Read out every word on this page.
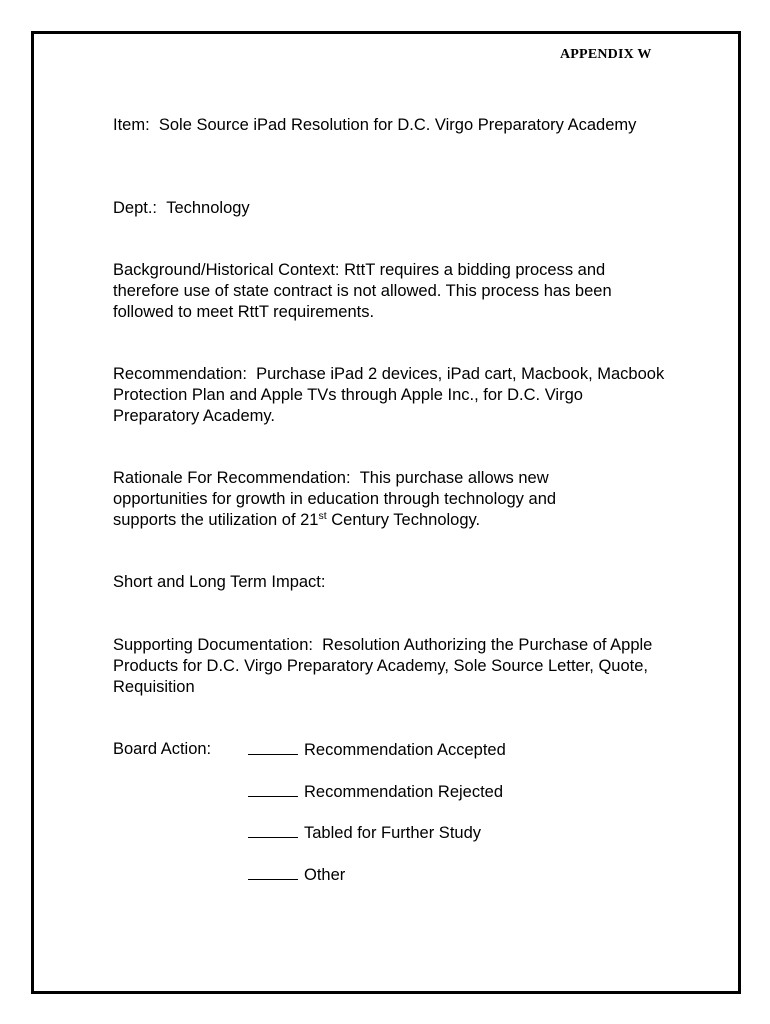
APPENDIX W
Item: Sole Source iPad Resolution for D.C. Virgo Preparatory Academy
Dept.: Technology
Background/Historical Context: RttT requires a bidding process and therefore use of state contract is not allowed. This process has been followed to meet RttT requirements.
Recommendation: Purchase iPad 2 devices, iPad cart, Macbook, Macbook Protection Plan and Apple TVs through Apple Inc., for D.C. Virgo Preparatory Academy.
Rationale For Recommendation: This purchase allows new opportunities for growth in education through technology and supports the utilization of 21st Century Technology.
Short and Long Term Impact:
Supporting Documentation: Resolution Authorizing the Purchase of Apple Products for D.C. Virgo Preparatory Academy, Sole Source Letter, Quote, Requisition
Board Action:	Recommendation Accepted
Recommendation Rejected
Tabled for Further Study
Other
